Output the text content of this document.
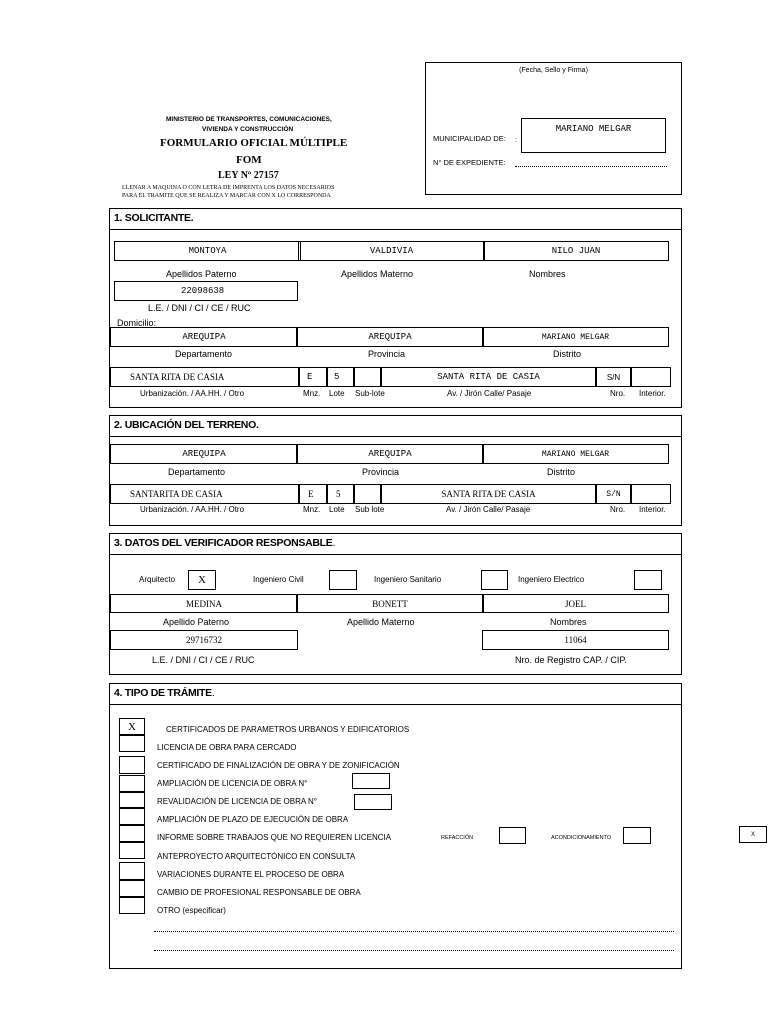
MINISTERIO DE TRANSPORTES, COMUNICACIONES,
VIVIENDA Y CONSTRUCCIÓN
FORMULARIO OFICIAL MÚLTIPLE
FOM
LEY Nº 27157
LLENAR A MAQUINA O CON LETRA DE IMPRENTA LOS DATOS NECESARIOS
PARA EL TRAMITE QUE SE REALIZA Y MARCAR CON X LO CORRESPONDA
(Fecha, Sello y Firma)
MUNICIPALIDAD DE: :
MARIANO MELGAR
N° DE EXPEDIENTE:
1. SOLICITANTE.
MONTOYA	VALDIVIA	NILO JUAN
Apellidos Paterno	Apellidos Materno	Nombres
22098638
L.E. / DNI / CI / CE / RUC
Domicilio:
AREQUIPA	AREQUIPA	MARIANO MELGAR
Departamento	Provincia	Distrito
SANTA RITA DE CASIA	E	5	SANTA RITA DE CASIA	S/N
Urbanización. / AA.HH. / Otro	Mnz. Lote Sub-lote	Av. / Jirón Calle/ Pasaje	Nro. Interior.
2. UBICACIÓN DEL TERRENO.
AREQUIPA	AREQUIPA	MARIANO MELGAR
Departamento	Provincia	Distrito
SANTARITA DE CASIA	E	5	SANTA RITA DE CASIA	S/N
Urbanización. / AA.HH. / Otro	Mnz. Lote Sub lote	Av. / Jirón Calle/ Pasaje	Nro. Interior.
3. DATOS DEL VERIFICADOR RESPONSABLE.
Arquitecto	X	Ingeniero Civil	Ingeniero Sanitario	Ingeniero Electrico
MEDINA	BONETT	JOEL
Apellido Paterno	Apellido Materno	Nombres
29716732	11064
L.E. / DNI / CI / CE / RUC	Nro. de Registro CAP. / CIP.
4. TIPO DE TRÁMITE.
X	CERTIFICADOS DE PARAMETROS URBANOS Y EDIFICATORIOS
LICENCIA DE OBRA PARA CERCADO
CERTIFICADO DE FINALIZACIÓN DE OBRA Y DE ZONIFICACIÓN
AMPLIACIÓN DE LICENCIA DE OBRA N°
REVALIDACIÓN DE LICENCIA DE OBRA N°
AMPLIACIÓN DE PLAZO DE EJECUCIÓN DE OBRA
INFORME SOBRE TRABAJOS QUE NO REQUIEREN LICENCIA
ANTEPROYECTO ARQUITECTÓNICO EN CONSULTA
VARIACIONES DURANTE EL PROCESO DE OBRA
CAMBIO DE PROFESIONAL RESPONSABLE DE OBRA
OTRO (especificar)
REFACCIÓN	ACONDICIONAMIENTO
X
